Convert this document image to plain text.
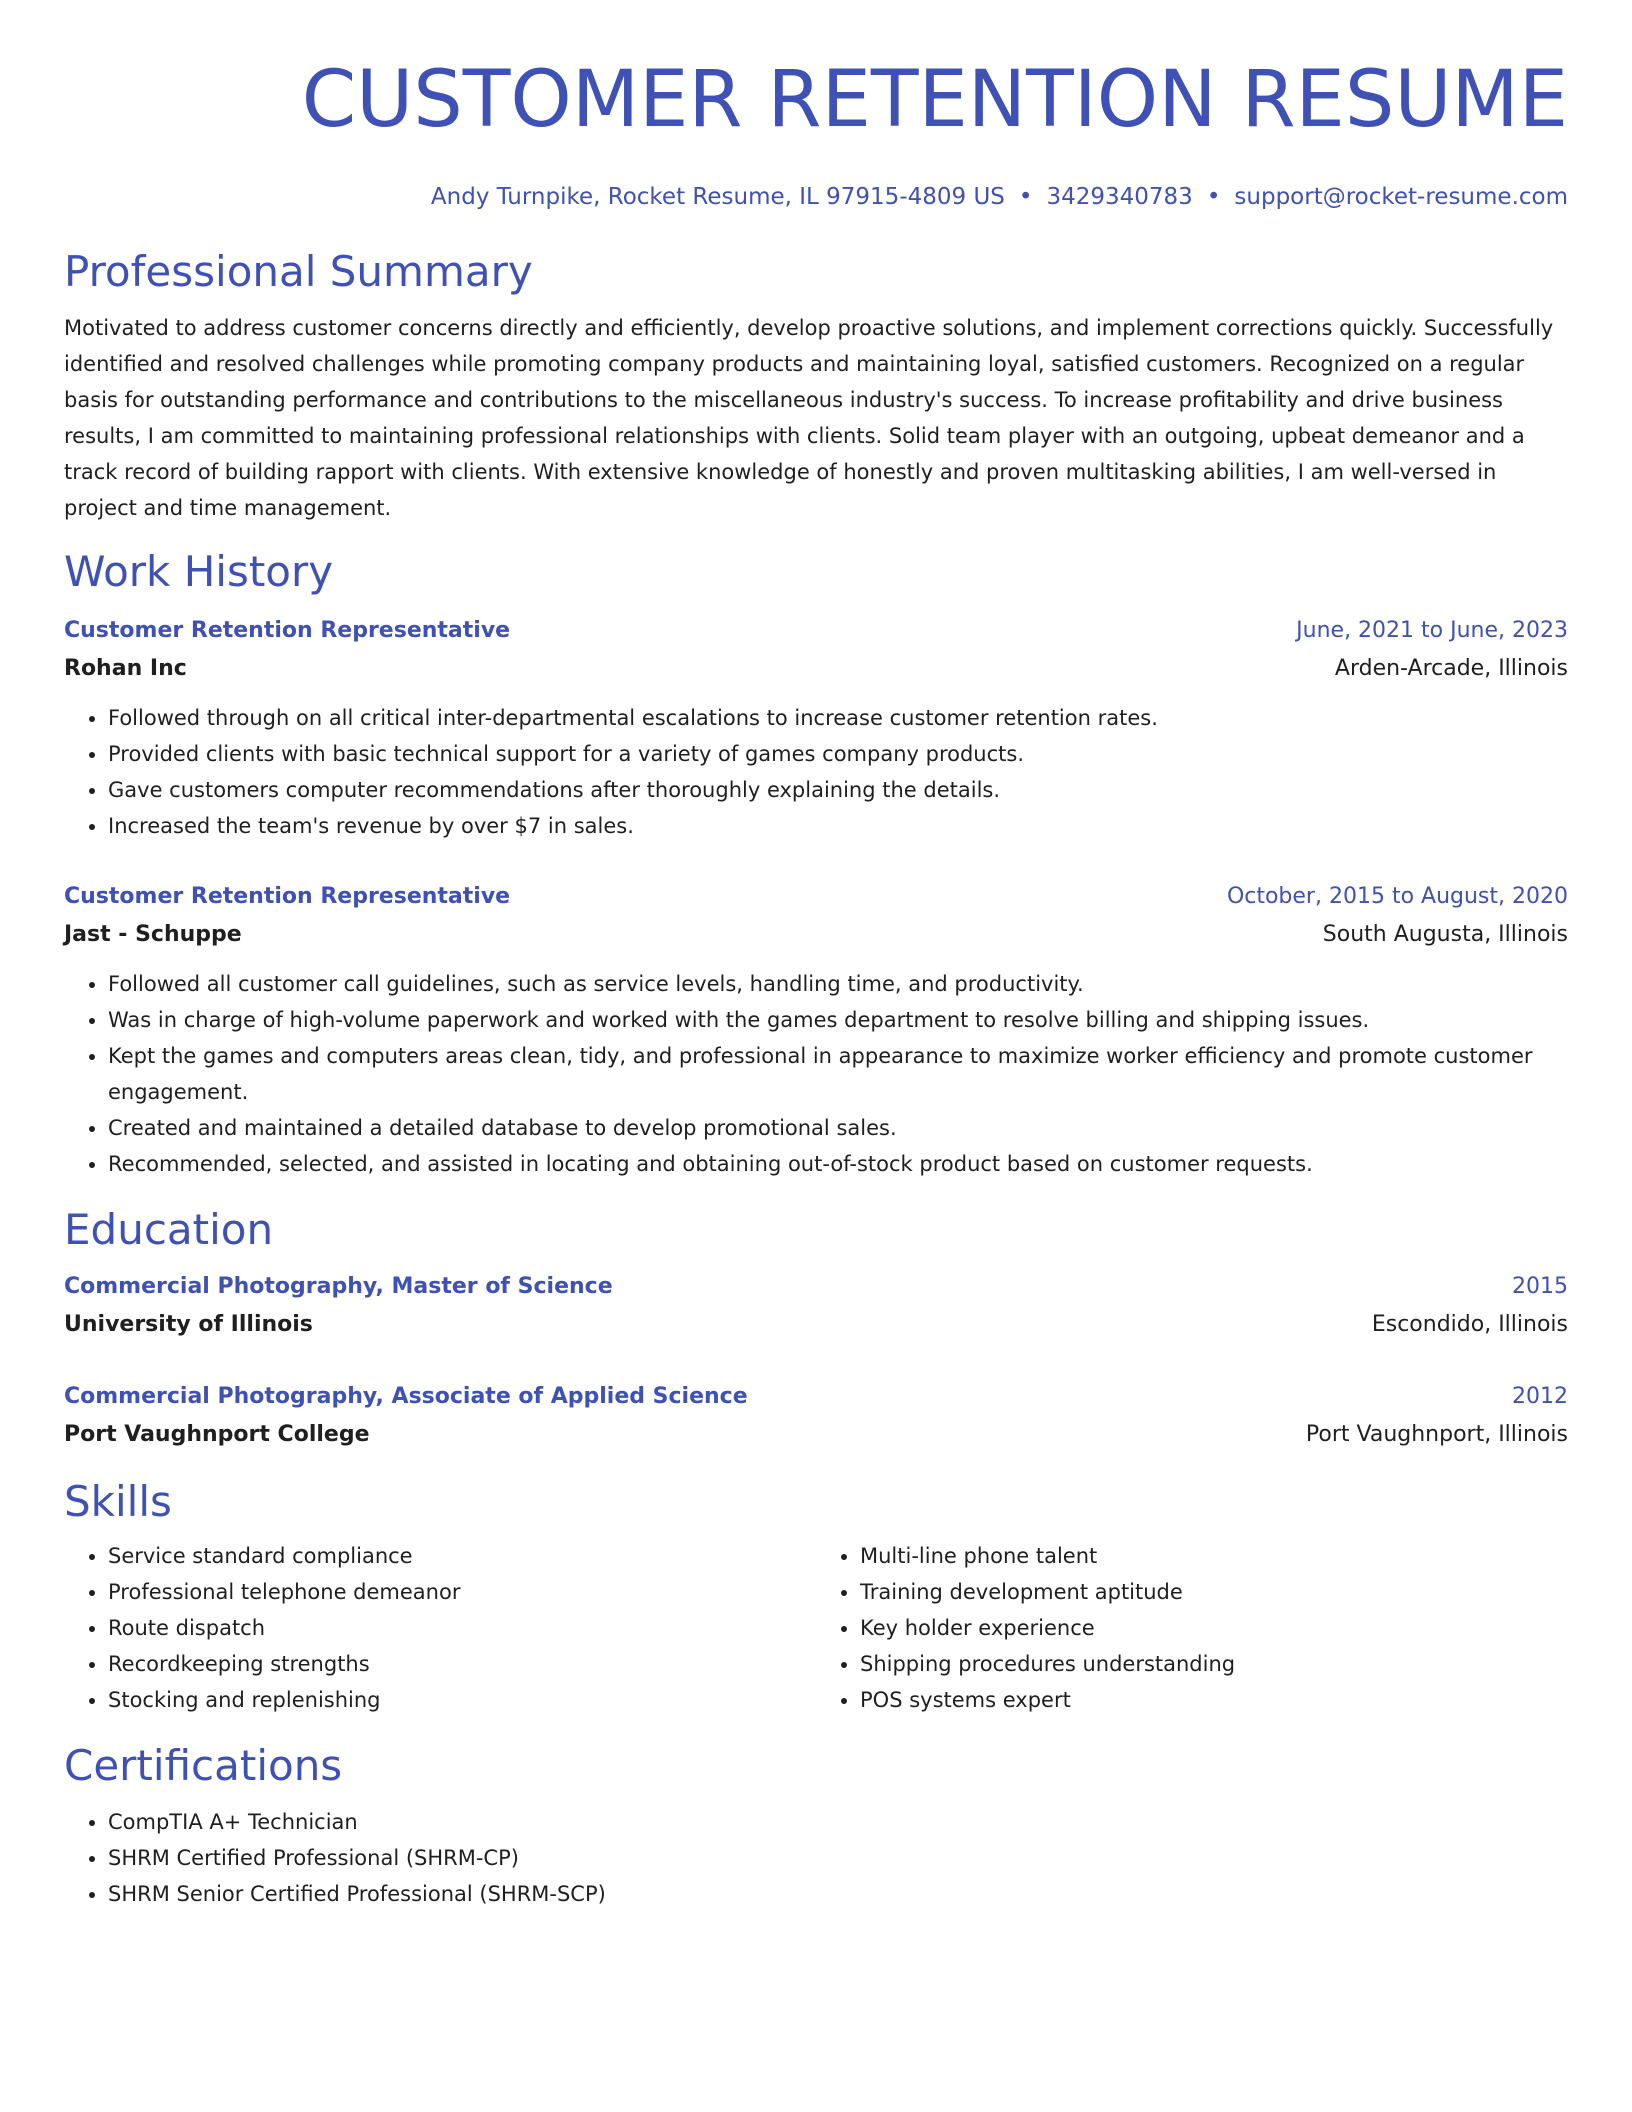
CUSTOMER RETENTION RESUME
Andy Turnpike, Rocket Resume, IL 97915-4809 US • 3429340783 • support@rocket-resume.com
Professional Summary
Motivated to address customer concerns directly and efficiently, develop proactive solutions, and implement corrections quickly. Successfully identified and resolved challenges while promoting company products and maintaining loyal, satisfied customers. Recognized on a regular basis for outstanding performance and contributions to the miscellaneous industry's success. To increase profitability and drive business results, I am committed to maintaining professional relationships with clients. Solid team player with an outgoing, upbeat demeanor and a track record of building rapport with clients. With extensive knowledge of honestly and proven multitasking abilities, I am well-versed in project and time management.
Work History
Customer Retention Representative	June, 2021 to June, 2023
Rohan Inc	Arden-Arcade, Illinois
• Followed through on all critical inter-departmental escalations to increase customer retention rates.
• Provided clients with basic technical support for a variety of games company products.
• Gave customers computer recommendations after thoroughly explaining the details.
• Increased the team's revenue by over $7 in sales.
Customer Retention Representative	October, 2015 to August, 2020
Jast - Schuppe	South Augusta, Illinois
• Followed all customer call guidelines, such as service levels, handling time, and productivity.
• Was in charge of high-volume paperwork and worked with the games department to resolve billing and shipping issues.
• Kept the games and computers areas clean, tidy, and professional in appearance to maximize worker efficiency and promote customer engagement.
• Created and maintained a detailed database to develop promotional sales.
• Recommended, selected, and assisted in locating and obtaining out-of-stock product based on customer requests.
Education
Commercial Photography, Master of Science	2015
University of Illinois	Escondido, Illinois
Commercial Photography, Associate of Applied Science	2012
Port Vaughnport College	Port Vaughnport, Illinois
Skills
• Service standard compliance
• Professional telephone demeanor
• Route dispatch
• Recordkeeping strengths
• Stocking and replenishing
• Multi-line phone talent
• Training development aptitude
• Key holder experience
• Shipping procedures understanding
• POS systems expert
Certifications
• CompTIA A+ Technician
• SHRM Certified Professional (SHRM-CP)
• SHRM Senior Certified Professional (SHRM-SCP)
